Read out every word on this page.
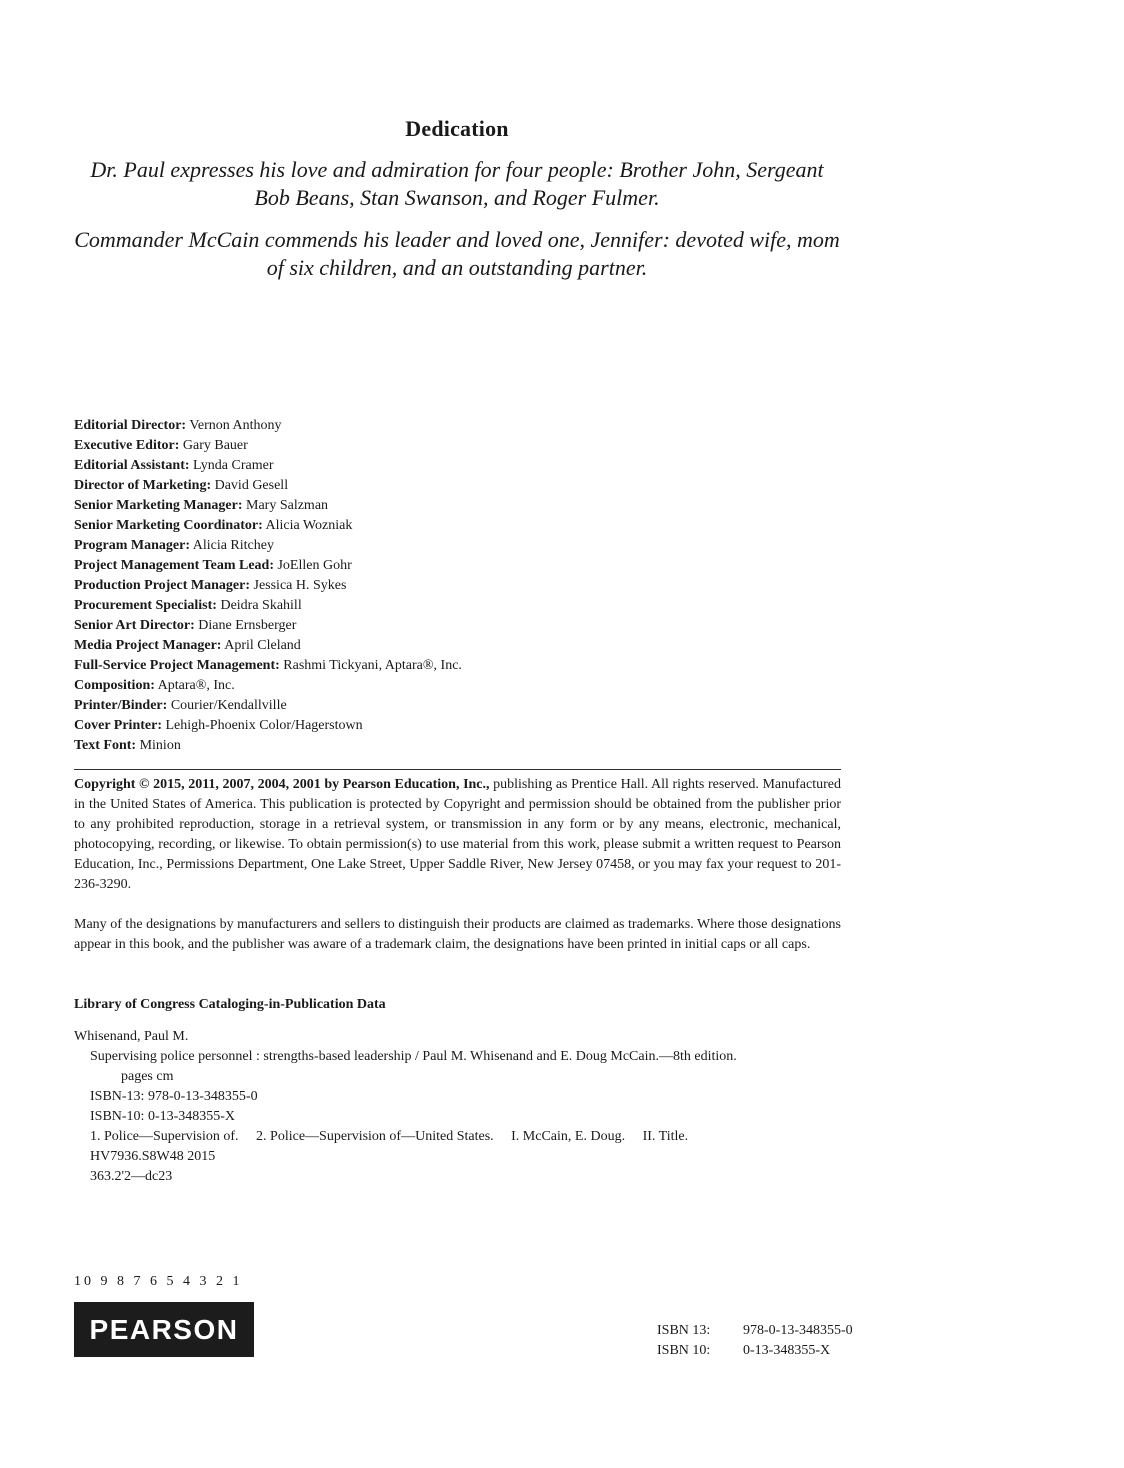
Dedication
Dr. Paul expresses his love and admiration for four people: Brother John, Sergeant Bob Beans, Stan Swanson, and Roger Fulmer.
Commander McCain commends his leader and loved one, Jennifer: devoted wife, mom of six children, and an outstanding partner.
Editorial Director: Vernon Anthony
Executive Editor: Gary Bauer
Editorial Assistant: Lynda Cramer
Director of Marketing: David Gesell
Senior Marketing Manager: Mary Salzman
Senior Marketing Coordinator: Alicia Wozniak
Program Manager: Alicia Ritchey
Project Management Team Lead: JoEllen Gohr
Production Project Manager: Jessica H. Sykes
Procurement Specialist: Deidra Skahill
Senior Art Director: Diane Ernsberger
Media Project Manager: April Cleland
Full-Service Project Management: Rashmi Tickyani, Aptara®, Inc.
Composition: Aptara®, Inc.
Printer/Binder: Courier/Kendallville
Cover Printer: Lehigh-Phoenix Color/Hagerstown
Text Font: Minion
Copyright © 2015, 2011, 2007, 2004, 2001 by Pearson Education, Inc., publishing as Prentice Hall. All rights reserved. Manufactured in the United States of America. This publication is protected by Copyright and permission should be obtained from the publisher prior to any prohibited reproduction, storage in a retrieval system, or transmission in any form or by any means, electronic, mechanical, photocopying, recording, or likewise. To obtain permission(s) to use material from this work, please submit a written request to Pearson Education, Inc., Permissions Department, One Lake Street, Upper Saddle River, New Jersey 07458, or you may fax your request to 201-236-3290.
Many of the designations by manufacturers and sellers to distinguish their products are claimed as trademarks. Where those designations appear in this book, and the publisher was aware of a trademark claim, the designations have been printed in initial caps or all caps.
Library of Congress Cataloging-in-Publication Data
Whisenand, Paul M.
Supervising police personnel : strengths-based leadership / Paul M. Whisenand and E. Doug McCain.—8th edition.
pages cm
ISBN-13: 978-0-13-348355-0
ISBN-10: 0-13-348355-X
1. Police—Supervision of. 2. Police—Supervision of—United States. I. McCain, E. Doug. II. Title.
HV7936.S8W48 2015
363.2'2—dc23
10 9 8 7 6 5 4 3 2 1
PEARSON	ISBN 13: 978-0-13-348355-0
ISBN 10: 0-13-348355-X
